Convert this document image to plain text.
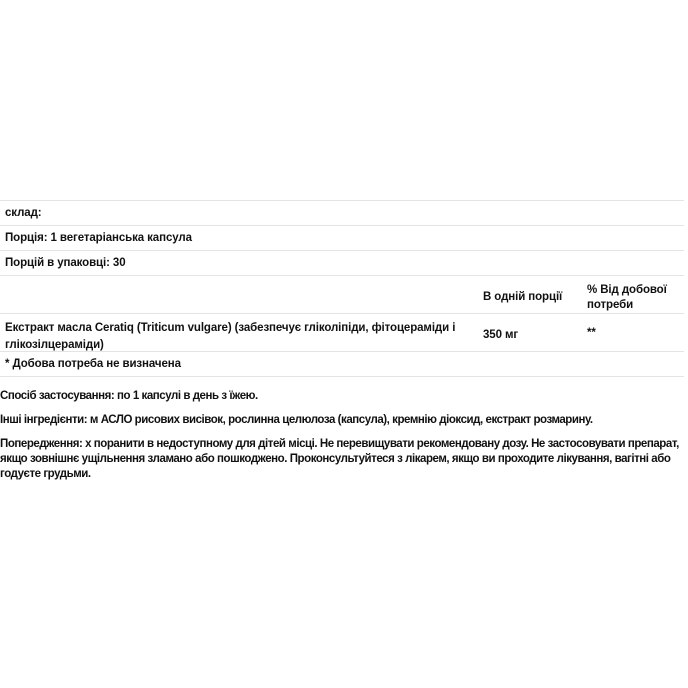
склад:
Порція: 1 вегетаріанська капсула
Порцій в упаковці: 30
В одній порції
% Від добової потреби
Екстракт масла Ceratiq (Triticum vulgare) (забезпечує гліколіпіди, фітоцераміди і глікозілцераміди)
350 мг	**
* Добова потреба не визначена

Спосіб застосування: по 1 капсулі в день з їжею.

Інші інгредієнти: м АСЛО рисових висівок, рослинна целюлоза (капсула), кремнію діоксид, екстракт розмарину.

Попередження: х поранити в недоступному для дітей місці. Не перевищувати рекомендовану дозу. Не застосовувати препарат, якщо зовнішнє ущільнення зламано або пошкоджено. Проконсультуйтеся з лікарем, якщо ви проходите лікування, вагітні або годуєте грудьми.
